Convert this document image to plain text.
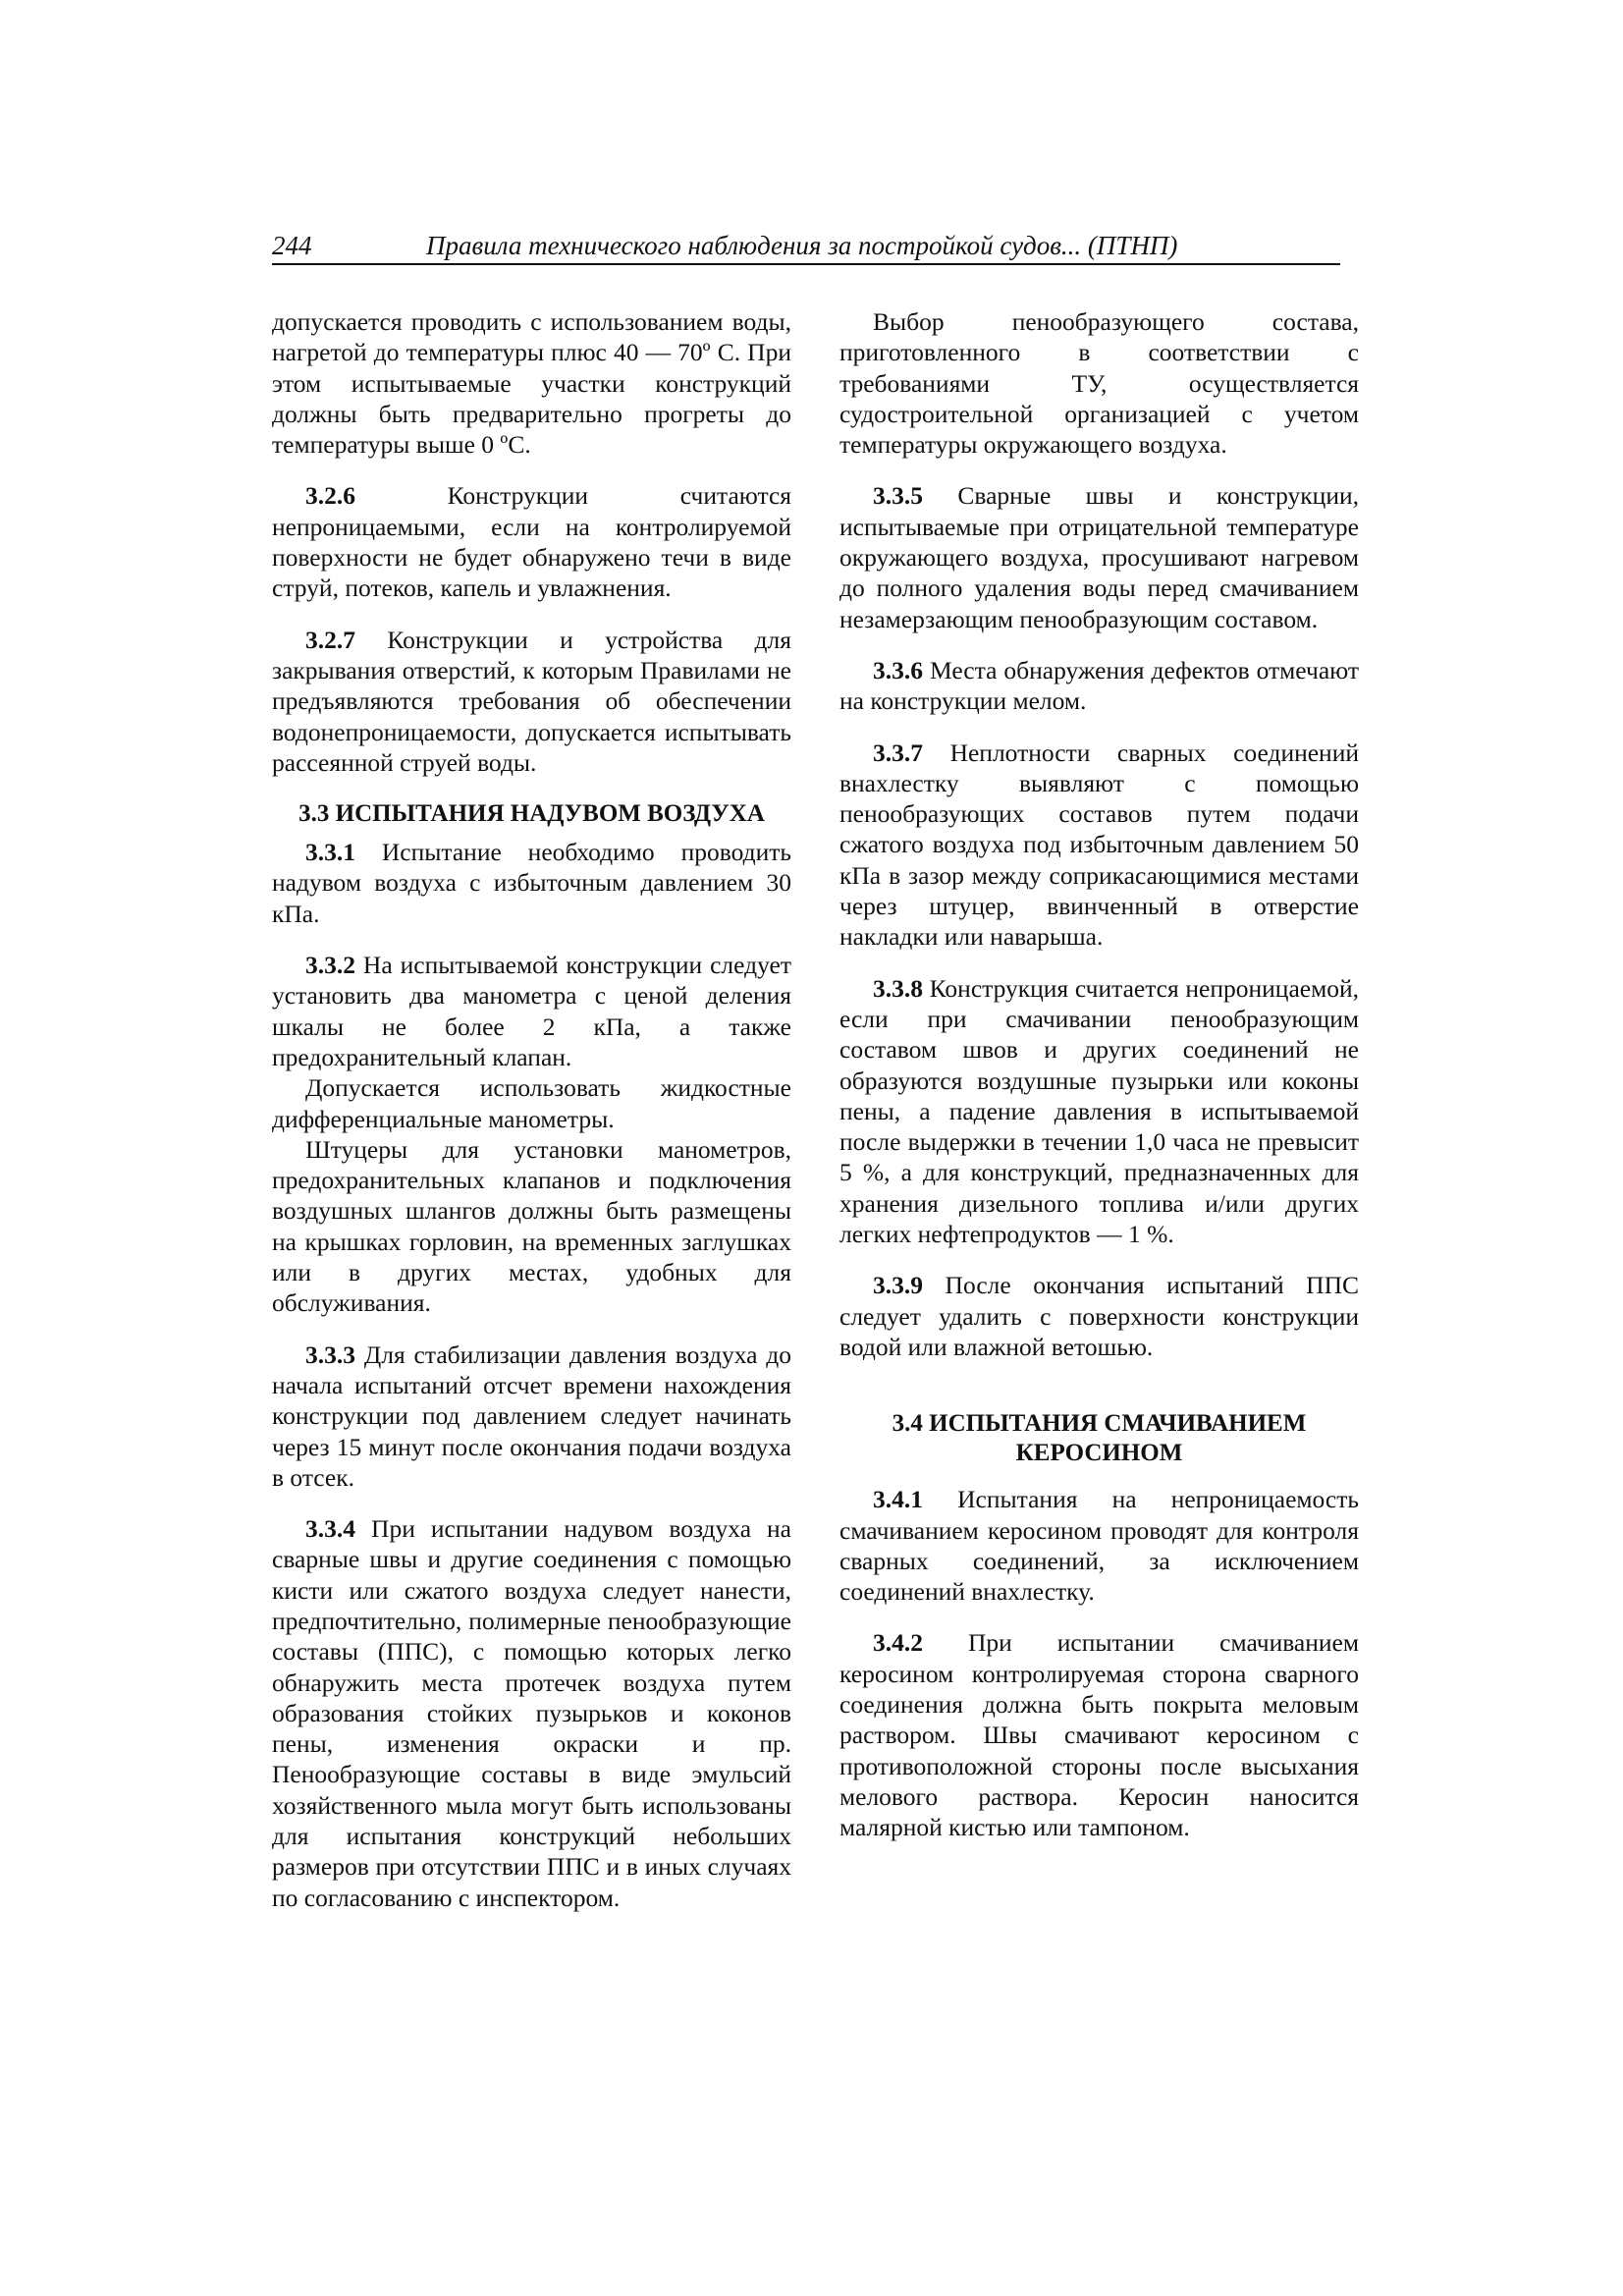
244	Правила технического наблюдения за постройкой судов... (ПТНП)

допускается проводить с использованием воды, нагретой до температуры плюс 40 — 70º С. При этом испытываемые участки конструкций должны быть предварительно прогреты до температуры выше 0 ºС.

3.2.6 Конструкции считаются непроницаемыми, если на контролируемой поверхности не будет обнаружено течи в виде струй, потеков, капель и увлажнения.

3.2.7 Конструкции и устройства для закрывания отверстий, к которым Правилами не предъявляются требования об обеспечении водонепроницаемости, допускается испытывать рассеянной струей воды.

3.3 ИСПЫТАНИЯ НАДУВОМ ВОЗДУХА

3.3.1 Испытание необходимо проводить надувом воздуха с избыточным давлением 30 кПа.

3.3.2 На испытываемой конструкции следует установить два манометра с ценой деления шкалы не более 2 кПа, а также предохранительный клапан.

Допускается использовать жидкостные дифференциальные манометры.

Штуцеры для установки манометров, предохранительных клапанов и подключения воздушных шлангов должны быть размещены на крышках горловин, на временных заглушках или в других местах, удобных для обслуживания.

3.3.3 Для стабилизации давления воздуха до начала испытаний отсчет времени нахождения конструкции под давлением следует начинать через 15 минут после окончания подачи воздуха в отсек.

3.3.4 При испытании надувом воздуха на сварные швы и другие соединения с помощью кисти или сжатого воздуха следует нанести, предпочтительно, полимерные пенообразующие составы (ППС), с помощью которых легко обнаружить места протечек воздуха путем образования стойких пузырьков и коконов пены, изменения окраски и пр. Пенообразующие составы в виде эмульсий хозяйственного мыла могут быть использованы для испытания конструкций небольших размеров при отсутствии ППС и в иных случаях по согласованию с инспектором.

Выбор пенообразующего состава, приготовленного в соответствии с требованиями ТУ, осуществляется судостроительной организацией с учетом температуры окружающего воздуха.

3.3.5 Сварные швы и конструкции, испытываемые при отрицательной температуре окружающего воздуха, просушивают нагревом до полного удаления воды перед смачиванием незамерзающим пенообразующим составом.

3.3.6 Места обнаружения дефектов отмечают на конструкции мелом.

3.3.7 Неплотности сварных соединений внахлестку выявляют с помощью пенообразующих составов путем подачи сжатого воздуха под избыточным давлением 50 кПа в зазор между соприкасающимися местами через штуцер, ввинченный в отверстие накладки или наварыша.

3.3.8 Конструкция считается непроницаемой, если при смачивании пенообразующим составом швов и других соединений не образуются воздушные пузырьки или коконы пены, а падение давления в испытываемой после выдержки в течении 1,0 часа не превысит 5 %, а для конструкций, предназначенных для хранения дизельного топлива и/или других легких нефтепродуктов — 1 %.

3.3.9 После окончания испытаний ППС следует удалить с поверхности конструкции водой или влажной ветошью.

3.4 ИСПЫТАНИЯ СМАЧИВАНИЕМ
КЕРОСИНОМ

3.4.1 Испытания на непроницаемость смачиванием керосином проводят для контроля сварных соединений, за исключением соединений внахлестку.

3.4.2 При испытании смачиванием керосином контролируемая сторона сварного соединения должна быть покрыта меловым раствором. Швы смачивают керосином с противоположной стороны после высыхания мелового раствора. Керосин наносится малярной кистью или тампоном.
